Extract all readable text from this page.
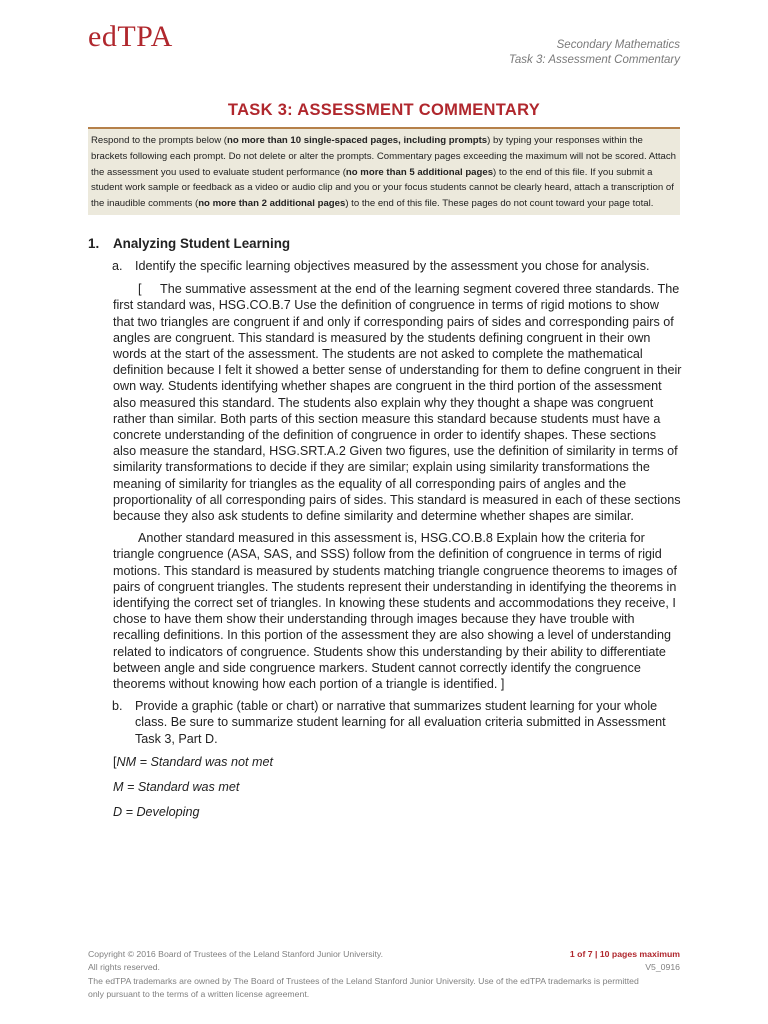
edTPA	Secondary Mathematics
Task 3: Assessment Commentary
TASK 3: ASSESSMENT COMMENTARY
Respond to the prompts below (no more than 10 single-spaced pages, including prompts) by typing your responses within the brackets following each prompt. Do not delete or alter the prompts. Commentary pages exceeding the maximum will not be scored. Attach the assessment you used to evaluate student performance (no more than 5 additional pages) to the end of this file. If you submit a student work sample or feedback as a video or audio clip and you or your focus students cannot be clearly heard, attach a transcription of the inaudible comments (no more than 2 additional pages) to the end of this file. These pages do not count toward your page total.
1.	Analyzing Student Learning
a. Identify the specific learning objectives measured by the assessment you chose for analysis.
[ The summative assessment at the end of the learning segment covered three standards. The first standard was, HSG.CO.B.7 Use the definition of congruence in terms of rigid motions to show that two triangles are congruent if and only if corresponding pairs of sides and corresponding pairs of angles are congruent. This standard is measured by the students defining congruent in their own words at the start of the assessment. The students are not asked to complete the mathematical definition because I felt it showed a better sense of understanding for them to define congruent in their own way. Students identifying whether shapes are congruent in the third portion of the assessment also measured this standard. The students also explain why they thought a shape was congruent rather than similar. Both parts of this section measure this standard because students must have a concrete understanding of the definition of congruence in order to identify shapes. These sections also measure the standard, HSG.SRT.A.2 Given two figures, use the definition of similarity in terms of similarity transformations to decide if they are similar; explain using similarity transformations the meaning of similarity for triangles as the equality of all corresponding pairs of angles and the proportionality of all corresponding pairs of sides. This standard is measured in each of these sections because they also ask students to define similarity and determine whether shapes are similar.
Another standard measured in this assessment is, HSG.CO.B.8 Explain how the criteria for triangle congruence (ASA, SAS, and SSS) follow from the definition of congruence in terms of rigid motions. This standard is measured by students matching triangle congruence theorems to images of pairs of congruent triangles. The students represent their understanding in identifying the theorems in identifying the correct set of triangles. In knowing these students and accommodations they receive, I chose to have them show their understanding through images because they have trouble with recalling definitions. In this portion of the assessment they are also showing a level of understanding related to indicators of congruence. Students show this understanding by their ability to differentiate between angle and side congruence markers. Student cannot correctly identify the congruence theorems without knowing how each portion of a triangle is identified. ]
b. Provide a graphic (table or chart) or narrative that summarizes student learning for your whole class. Be sure to summarize student learning for all evaluation criteria submitted in Assessment Task 3, Part D.
[NM = Standard was not met
M = Standard was met
D = Developing
Copyright © 2016 Board of Trustees of the Leland Stanford Junior University.
All rights reserved.
The edTPA trademarks are owned by The Board of Trustees of the Leland Stanford Junior University. Use of the edTPA trademarks is permitted only pursuant to the terms of a written license agreement.
1 of 7 | 10 pages maximum
V5_0916
